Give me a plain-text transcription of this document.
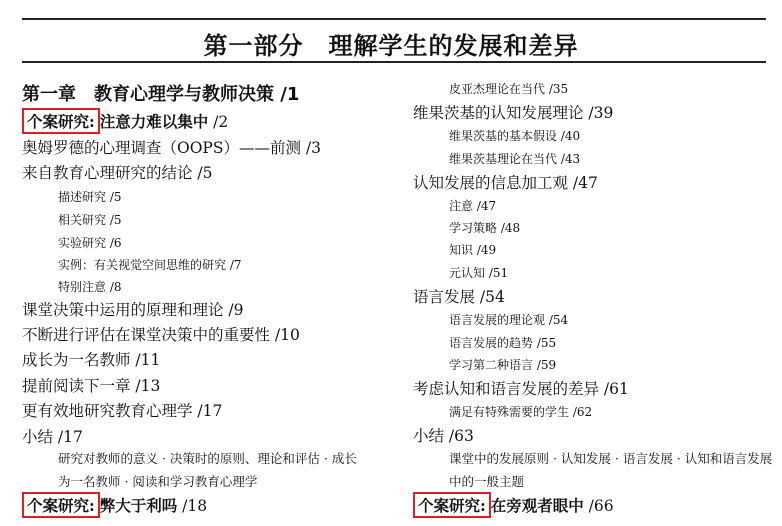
第一部分　理解学生的发展和差异
第一章　教育心理学与教师决策 /1
个案研究: 注意力难以集中 /2
奥姆罗德的心理调查（OOPS）——前测 /3
来自教育心理研究的结论 /5
描述研究 /5
相关研究 /5
实验研究 /6
实例：有关视觉空间思维的研究 /7
特别注意 /8
课堂决策中运用的原理和理论 /9
不断进行评估在课堂决策中的重要性 /10
成长为一名教师 /11
提前阅读下一章 /13
更有效地研究教育心理学 /17
小结 /17
研究对教师的意义 · 决策时的原则、理论和评估 · 成长为一名教师 · 阅读和学习教育心理学
个案研究: 弊大于利吗 /18
皮亚杰理论在当代 /35
维果茨基的认知发展理论 /39
维果茨基的基本假设 /40
维果茨基理论在当代 /43
认知发展的信息加工观 /47
注意 /47
学习策略 /48
知识 /49
元认知 /51
语言发展 /54
语言发展的理论观 /54
语言发展的趋势 /55
学习第二种语言 /59
考虑认知和语言发展的差异 /61
满足有特殊需要的学生 /62
小结 /63
课堂中的发展原则 · 认知发展 · 语言发展 · 认知和语言发展中的一般主题
个案研究: 在旁观者眼中 /66
